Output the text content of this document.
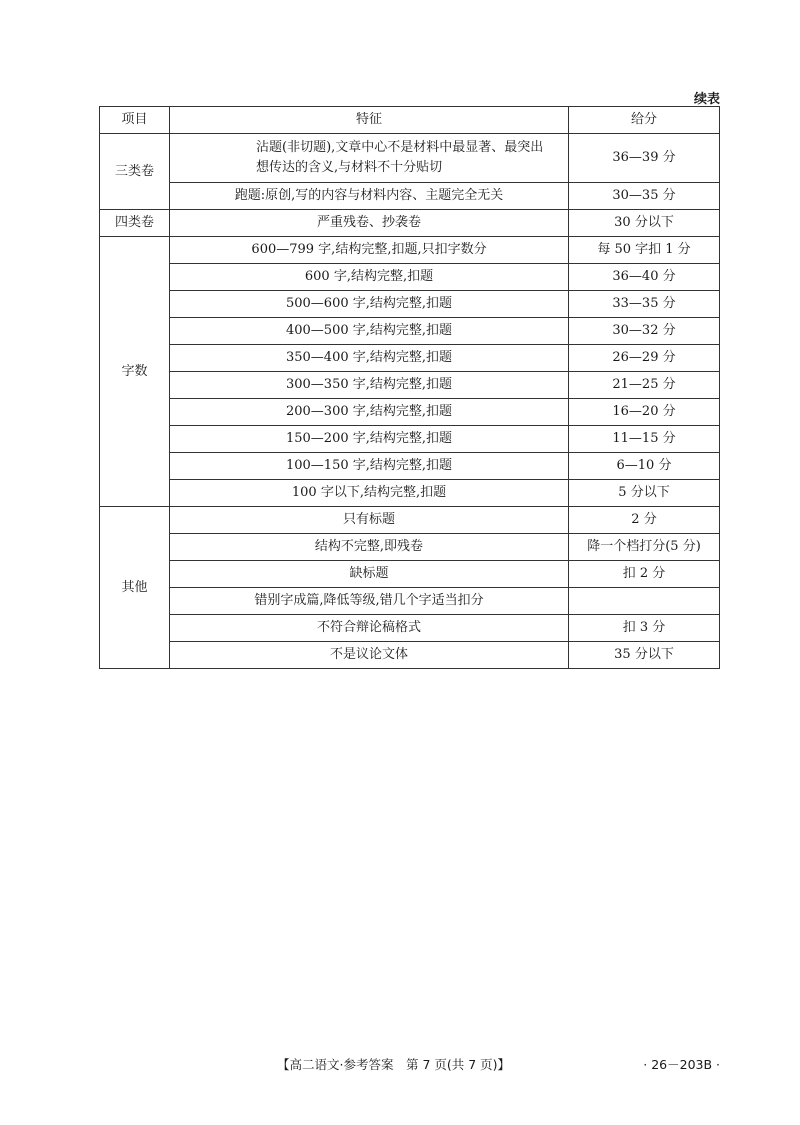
续表
项目	特征	给分
三类卷	沾题(非切题),文章中心不是材料中最显著、最突出想传达的含义,与材料不十分贴切	36—39 分
	跑题:原创,写的内容与材料内容、主题完全无关	30—35 分
四类卷	严重残卷、抄袭卷	30 分以下
字数	600—799 字,结构完整,扣题,只扣字数分	每 50 字扣 1 分
	600 字,结构完整,扣题	36—40 分
	500—600 字,结构完整,扣题	33—35 分
	400—500 字,结构完整,扣题	30—32 分
	350—400 字,结构完整,扣题	26—29 分
	300—350 字,结构完整,扣题	21—25 分
	200—300 字,结构完整,扣题	16—20 分
	150—200 字,结构完整,扣题	11—15 分
	100—150 字,结构完整,扣题	6—10 分
	100 字以下,结构完整,扣题	5 分以下
其他	只有标题	2 分
	结构不完整,即残卷	降一个档打分(5 分)
	缺标题	扣 2 分
	错别字成篇,降低等级,错几个字适当扣分	
	不符合辩论稿格式	扣 3 分
	不是议论文体	35 分以下
【高二语文·参考答案　第 7 页(共 7 页)】	· 26－203B ·
